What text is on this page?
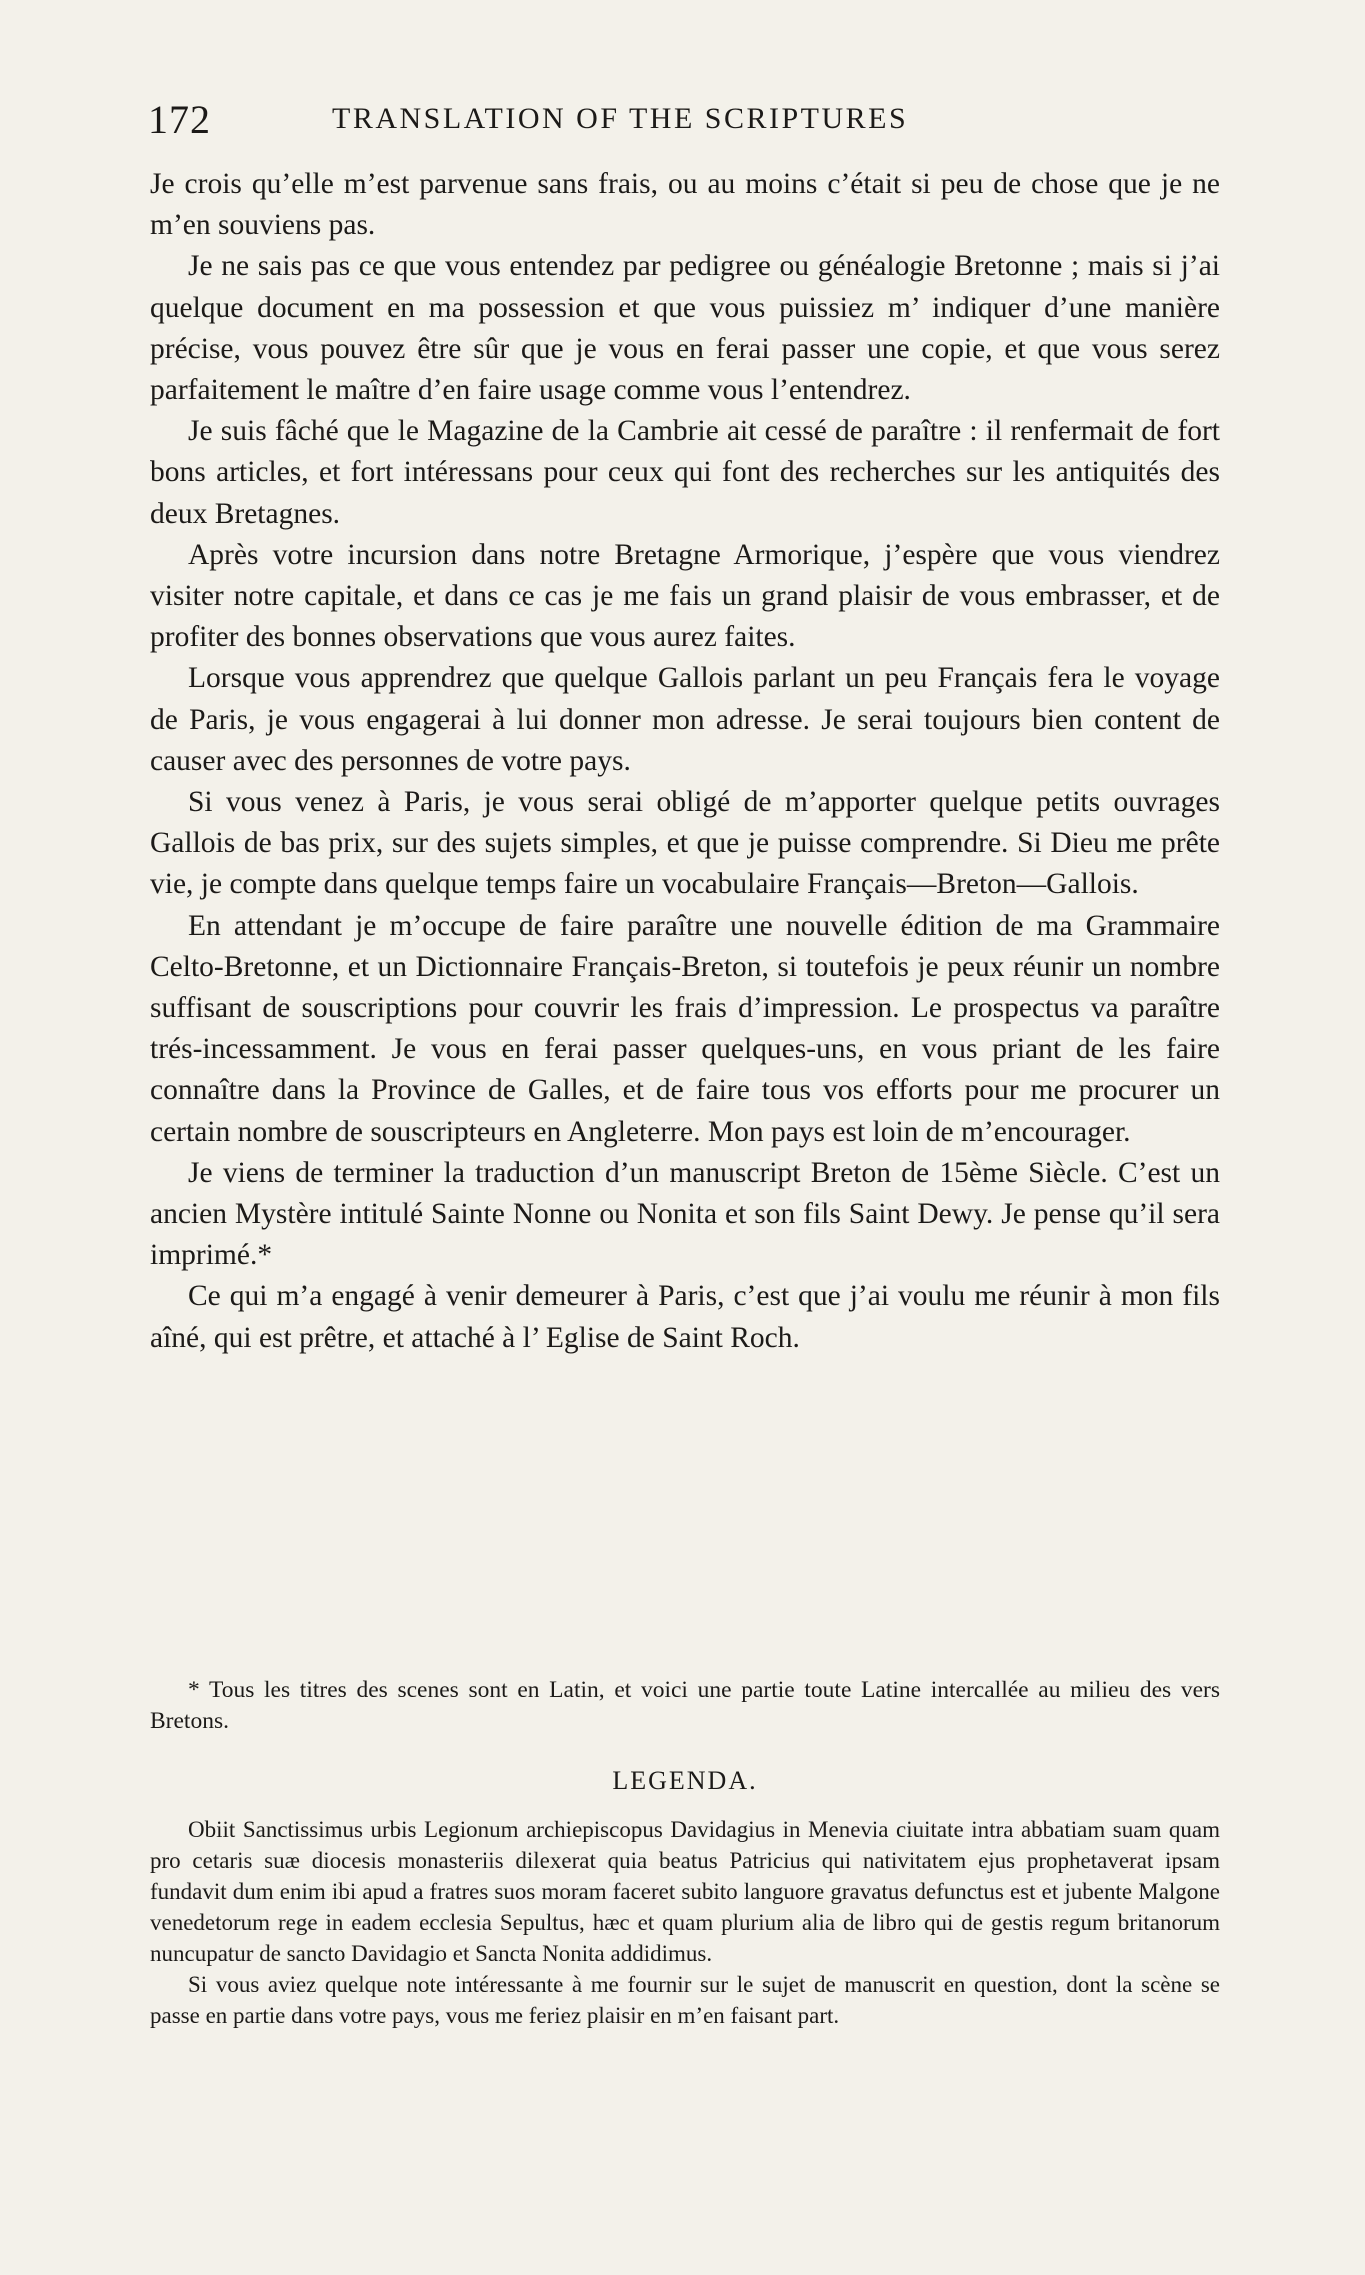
172	TRANSLATION OF THE SCRIPTURES

Je crois qu’elle m’est parvenue sans frais, ou au moins c’était si peu de chose que je ne m’en souviens pas.

Je ne sais pas ce que vous entendez par pedigree ou généalogie Bretonne ; mais si j’ai quelque document en ma possession et que vous puissiez m’ indiquer d’une manière précise, vous pouvez être sûr que je vous en ferai passer une copie, et que vous serez parfaitement le maître d’en faire usage comme vous l’entendrez.

Je suis fâché que le Magazine de la Cambrie ait cessé de paraître : il renfermait de fort bons articles, et fort intéressans pour ceux qui font des recherches sur les antiquités des deux Bretagnes.

Après votre incursion dans notre Bretagne Armorique, j’espère que vous viendrez visiter notre capitale, et dans ce cas je me fais un grand plaisir de vous embrasser, et de profiter des bonnes observations que vous aurez faites.

Lorsque vous apprendrez que quelque Gallois parlant un peu Français fera le voyage de Paris, je vous engagerai à lui donner mon adresse. Je serai toujours bien content de causer avec des personnes de votre pays.

Si vous venez à Paris, je vous serai obligé de m’apporter quelque petits ouvrages Gallois de bas prix, sur des sujets simples, et que je puisse comprendre. Si Dieu me prête vie, je compte dans quelque temps faire un vocabulaire Français—Breton—Gallois.

En attendant je m’occupe de faire paraître une nouvelle édition de ma Grammaire Celto-Bretonne, et un Dictionnaire Français-Breton, si toutefois je peux réunir un nombre suffisant de souscriptions pour couvrir les frais d’impression. Le prospectus va paraître trés-incessamment. Je vous en ferai passer quelques-uns, en vous priant de les faire connaître dans la Province de Galles, et de faire tous vos efforts pour me procurer un certain nombre de souscripteurs en Angleterre. Mon pays est loin de m’encourager.

Je viens de terminer la traduction d’un manuscript Breton de 15ème Siècle. C’est un ancien Mystère intitulé Sainte Nonne ou Nonita et son fils Saint Dewy. Je pense qu’il sera imprimé.*

Ce qui m’a engagé à venir demeurer à Paris, c’est que j’ai voulu me réunir à mon fils aîné, qui est prêtre, et attaché à l’ Eglise de Saint Roch.

* Tous les titres des scenes sont en Latin, et voici une partie toute Latine intercallée au milieu des vers Bretons.

LEGENDA.

Obiit Sanctissimus urbis Legionum archiepiscopus Davidagius in Menevia ciuitate intra abbatiam suam quam pro cetaris suæ diocesis monasteriis dilexerat quia beatus Patricius qui nativitatem ejus prophetaverat ipsam fundavit dum enim ibi apud a fratres suos moram faceret subito languore gravatus defunctus est et jubente Malgone venedetorum rege in eadem ecclesia Sepultus, hæc et quam plurium alia de libro qui de gestis regum britanorum nuncupatur de sancto Davidagio et Sancta Nonita addidimus.

Si vous aviez quelque note intéressante à me fournir sur le sujet de manuscrit en question, dont la scène se passe en partie dans votre pays, vous me feriez plaisir en m’en faisant part.
